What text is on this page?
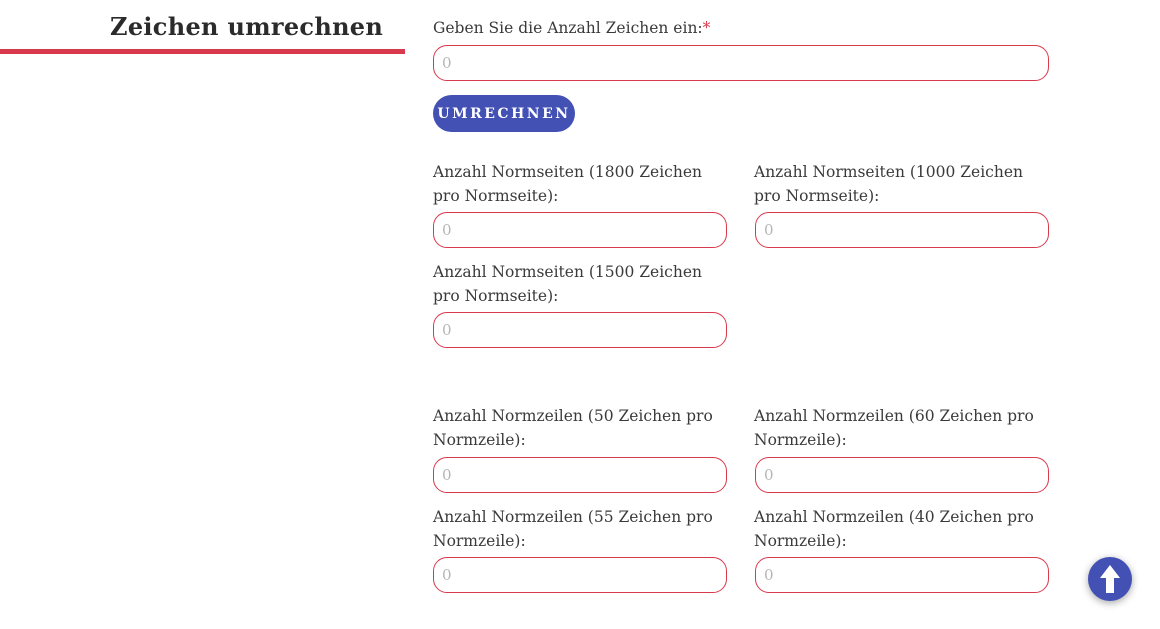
Zeichen umrechnen	Geben Sie die Anzahl Zeichen ein:*
0
UMRECHNEN
Anzahl Normseiten (1800 Zeichen pro Normseite):
0
Anzahl Normseiten (1000 Zeichen pro Normseite):
0
Anzahl Normseiten (1500 Zeichen pro Normseite):
0
Anzahl Normzeilen (50 Zeichen pro Normzeile):
0
Anzahl Normzeilen (60 Zeichen pro Normzeile):
0
Anzahl Normzeilen (55 Zeichen pro Normzeile):
0
Anzahl Normzeilen (40 Zeichen pro Normzeile):
0
